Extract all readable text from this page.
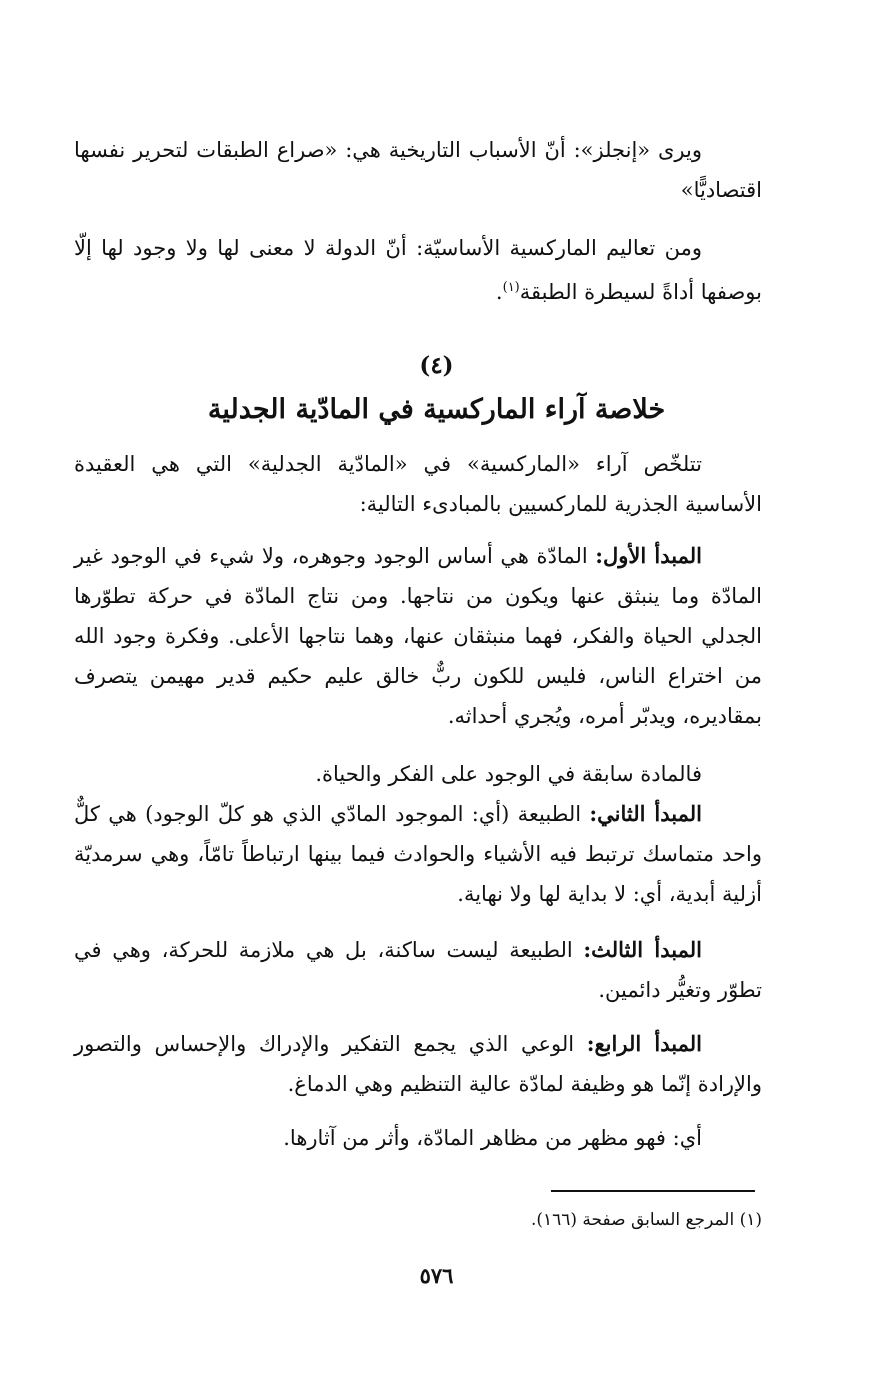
ويرى «إنجلز»: أنّ الأسباب التاريخية هي: «صراع الطبقات لتحرير نفسها اقتصاديًّا»

ومن تعاليم الماركسية الأساسيّة: أنّ الدولة لا معنى لها ولا وجود لها إلّا بوصفها أداةً لسيطرة الطبقة$^{(١)}$.

(٤)
خلاصة آراء الماركسية في المادّية الجدلية

تتلخّص آراء «الماركسية» في «المادّية الجدلية» التي هي العقيدة الأساسية الجذرية للماركسيين بالمبادىء التالية:

المبدأ الأول: المادّة هي أساس الوجود وجوهره، ولا شيء في الوجود غير المادّة وما ينبثق عنها ويكون من نتاجها. ومن نتاج المادّة في حركة تطوّرها الجدلي الحياة والفكر، فهما منبثقان عنها، وهما نتاجها الأعلى. وفكرة وجود الله من اختراع الناس، فليس للكون ربٌّ خالق عليم حكيم قدير مهيمن يتصرف بمقاديره، ويدبّر أمره، ويُجري أحداثه.

فالمادة سابقة في الوجود على الفكر والحياة.

المبدأ الثاني: الطبيعة (أي: الموجود المادّي الذي هو كلّ الوجود) هي كلٌّ واحد متماسك ترتبط فيه الأشياء والحوادث فيما بينها ارتباطاً تامّاً، وهي سرمديّة أزلية أبدية، أي: لا بداية لها ولا نهاية.

المبدأ الثالث: الطبيعة ليست ساكنة، بل هي ملازمة للحركة، وهي في تطوّر وتغيُّر دائمين.

المبدأ الرابع: الوعي الذي يجمع التفكير والإدراك والإحساس والتصور والإرادة إنّما هو وظيفة لمادّة عالية التنظيم وهي الدماغ.

أي: فهو مظهر من مظاهر المادّة، وأثر من آثارها.

(١) المرجع السابق صفحة (١٦٦).
٥٧٦
